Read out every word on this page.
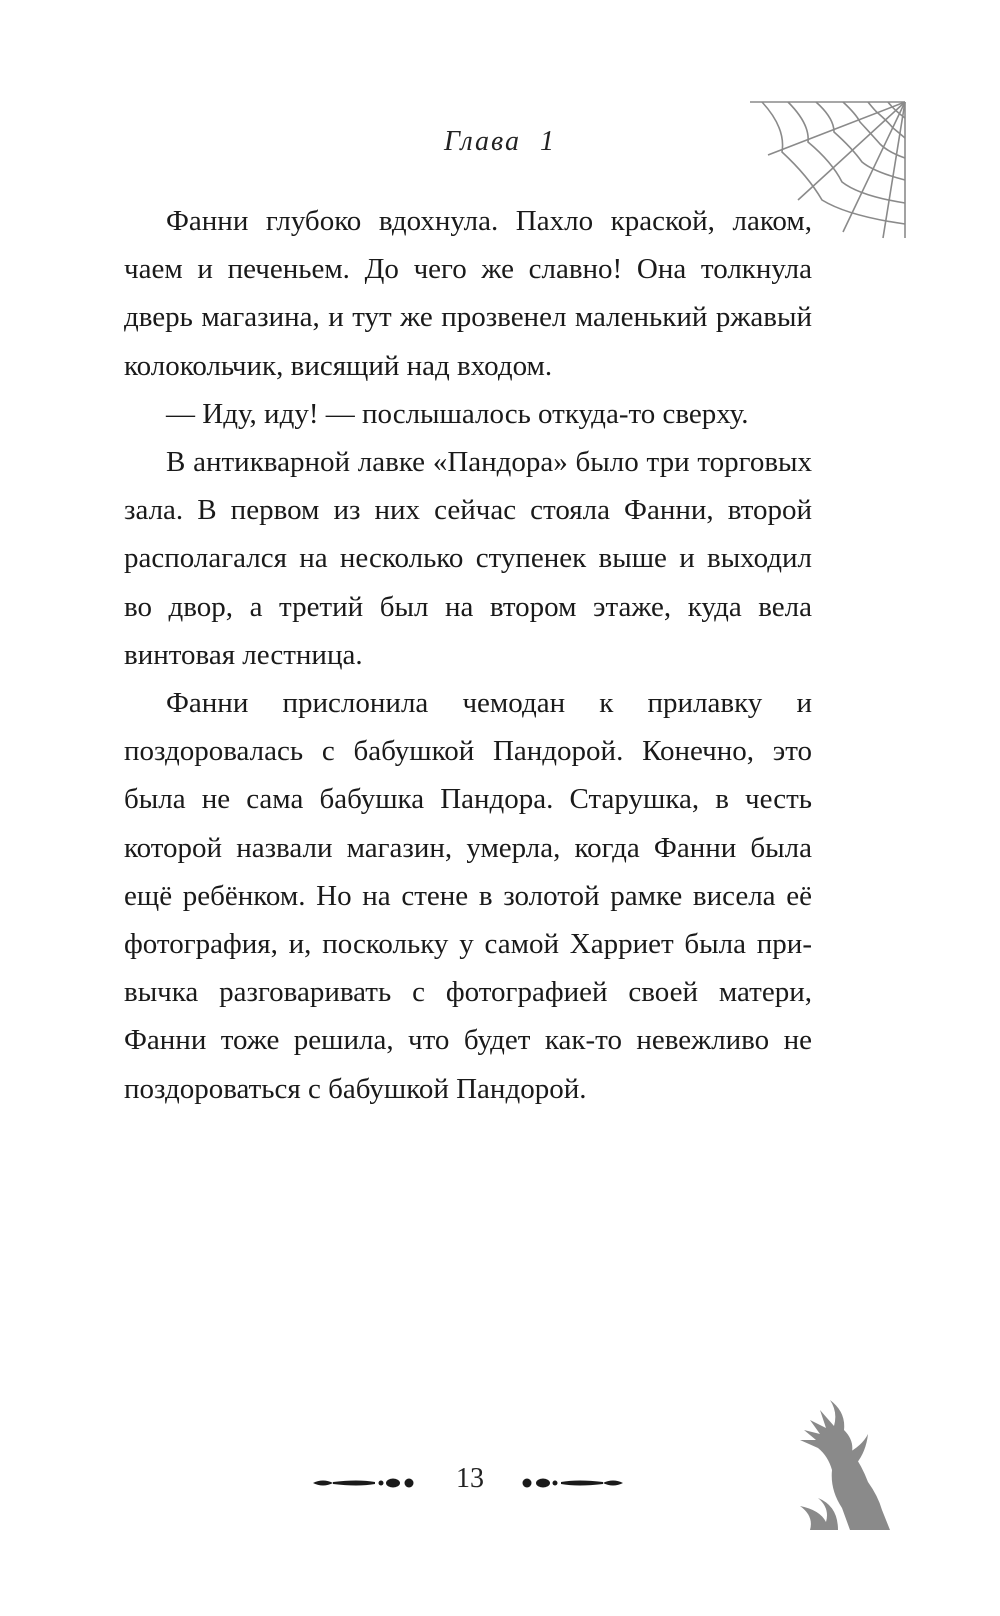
Глава 1

Фанни глубоко вдохнула. Пахло краской, лаком, чаем и печеньем. До чего же славно! Она толкнула дверь магазина, и тут же прозвенел маленький ржавый колокольчик, висящий над входом.

— Иду, иду! — послышалось откуда-то сверху.

В антикварной лавке «Пандора» было три торговых зала. В первом из них сейчас стояла Фанни, второй располагался на несколько ступенек выше и выходил во двор, а третий был на втором этаже, куда вела винтовая лестница.

Фанни прислонила чемодан к прилавку и поздоровалась с бабушкой Пандорой. Конечно, это была не сама бабушка Пандора. Старушка, в честь которой назвали магазин, умерла, когда Фанни была ещё ребёнком. Но на стене в золотой рамке висела её фотография, и, поскольку у самой Харриет была привычка разговаривать с фотографией своей матери, Фанни тоже решила, что будет как-то невежливо не поздороваться с бабушкой Пандорой.

13
